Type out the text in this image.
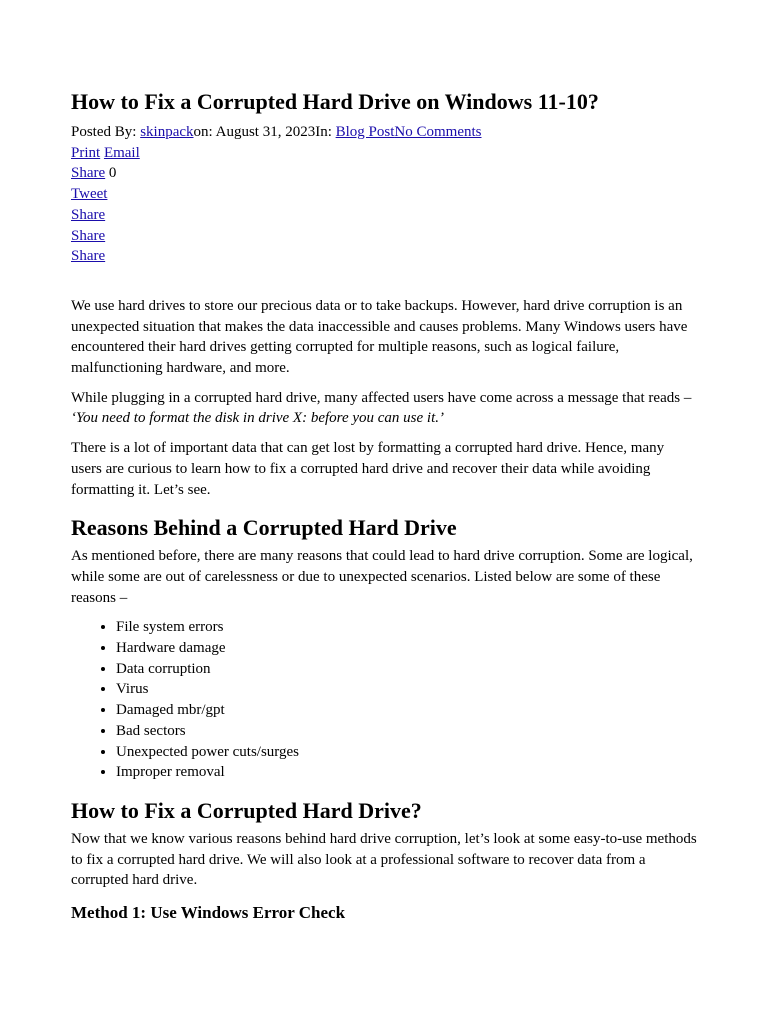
How to Fix a Corrupted Hard Drive on Windows 11-10?
Posted By: skinpackon: August 31, 2023In: Blog PostNo Comments
Print Email
Share 0
Tweet
Share
Share
Share

We use hard drives to store our precious data or to take backups. However, hard drive corruption is an unexpected situation that makes the data inaccessible and causes problems. Many Windows users have encountered their hard drives getting corrupted for multiple reasons, such as logical failure, malfunctioning hardware, and more.

While plugging in a corrupted hard drive, many affected users have come across a message that reads –
‘You need to format the disk in drive X: before you can use it.’

There is a lot of important data that can get lost by formatting a corrupted hard drive. Hence, many users are curious to learn how to fix a corrupted hard drive and recover their data while avoiding formatting it. Let’s see.

Reasons Behind a Corrupted Hard Drive

As mentioned before, there are many reasons that could lead to hard drive corruption. Some are logical, while some are out of carelessness or due to unexpected scenarios. Listed below are some of these reasons –

• File system errors
• Hardware damage
• Data corruption
• Virus
• Damaged mbr/gpt
• Bad sectors
• Unexpected power cuts/surges
• Improper removal
How to Fix a Corrupted Hard Drive?

Now that we know various reasons behind hard drive corruption, let’s look at some easy-to-use methods to fix a corrupted hard drive. We will also look at a professional software to recover data from a corrupted hard drive.

Method 1: Use Windows Error Check
